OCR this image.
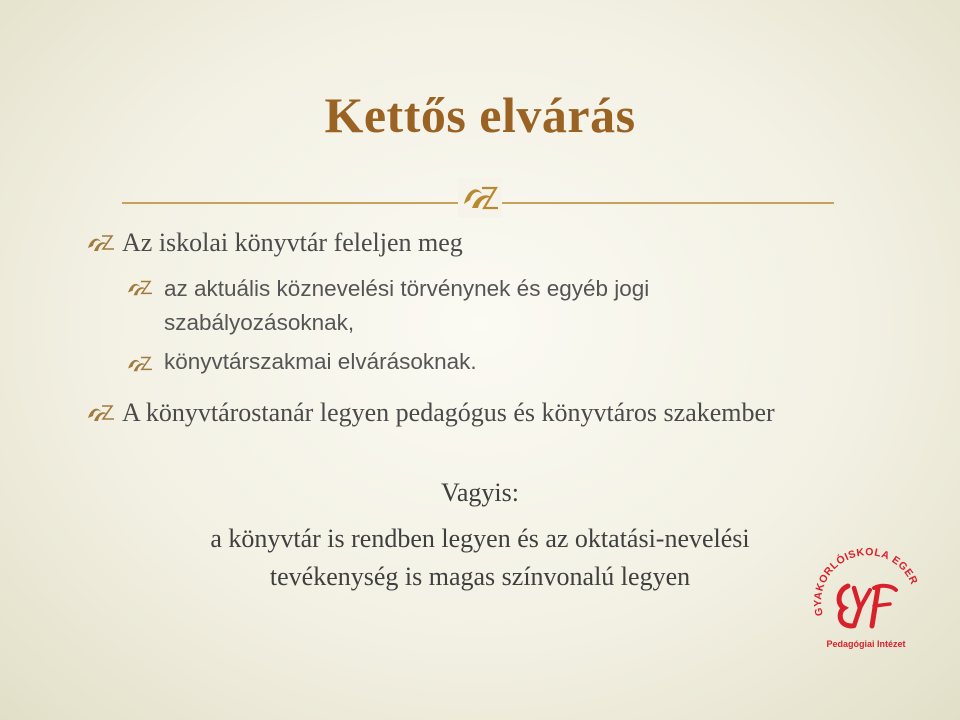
Kettős elvárás
Az iskolai könyvtár feleljen meg
az aktuális köznevelési törvénynek és egyéb jogi szabályozásoknak,
könyvtárszakmai elvárásoknak.
A könyvtárostanár legyen pedagógus és könyvtáros szakember
Vagyis:
a könyvtár is rendben legyen és az oktatási-nevelési
tevékenység is magas színvonalú legyen
GYAKORLÓISKOLA EGER
Pedagógiai Intézet
